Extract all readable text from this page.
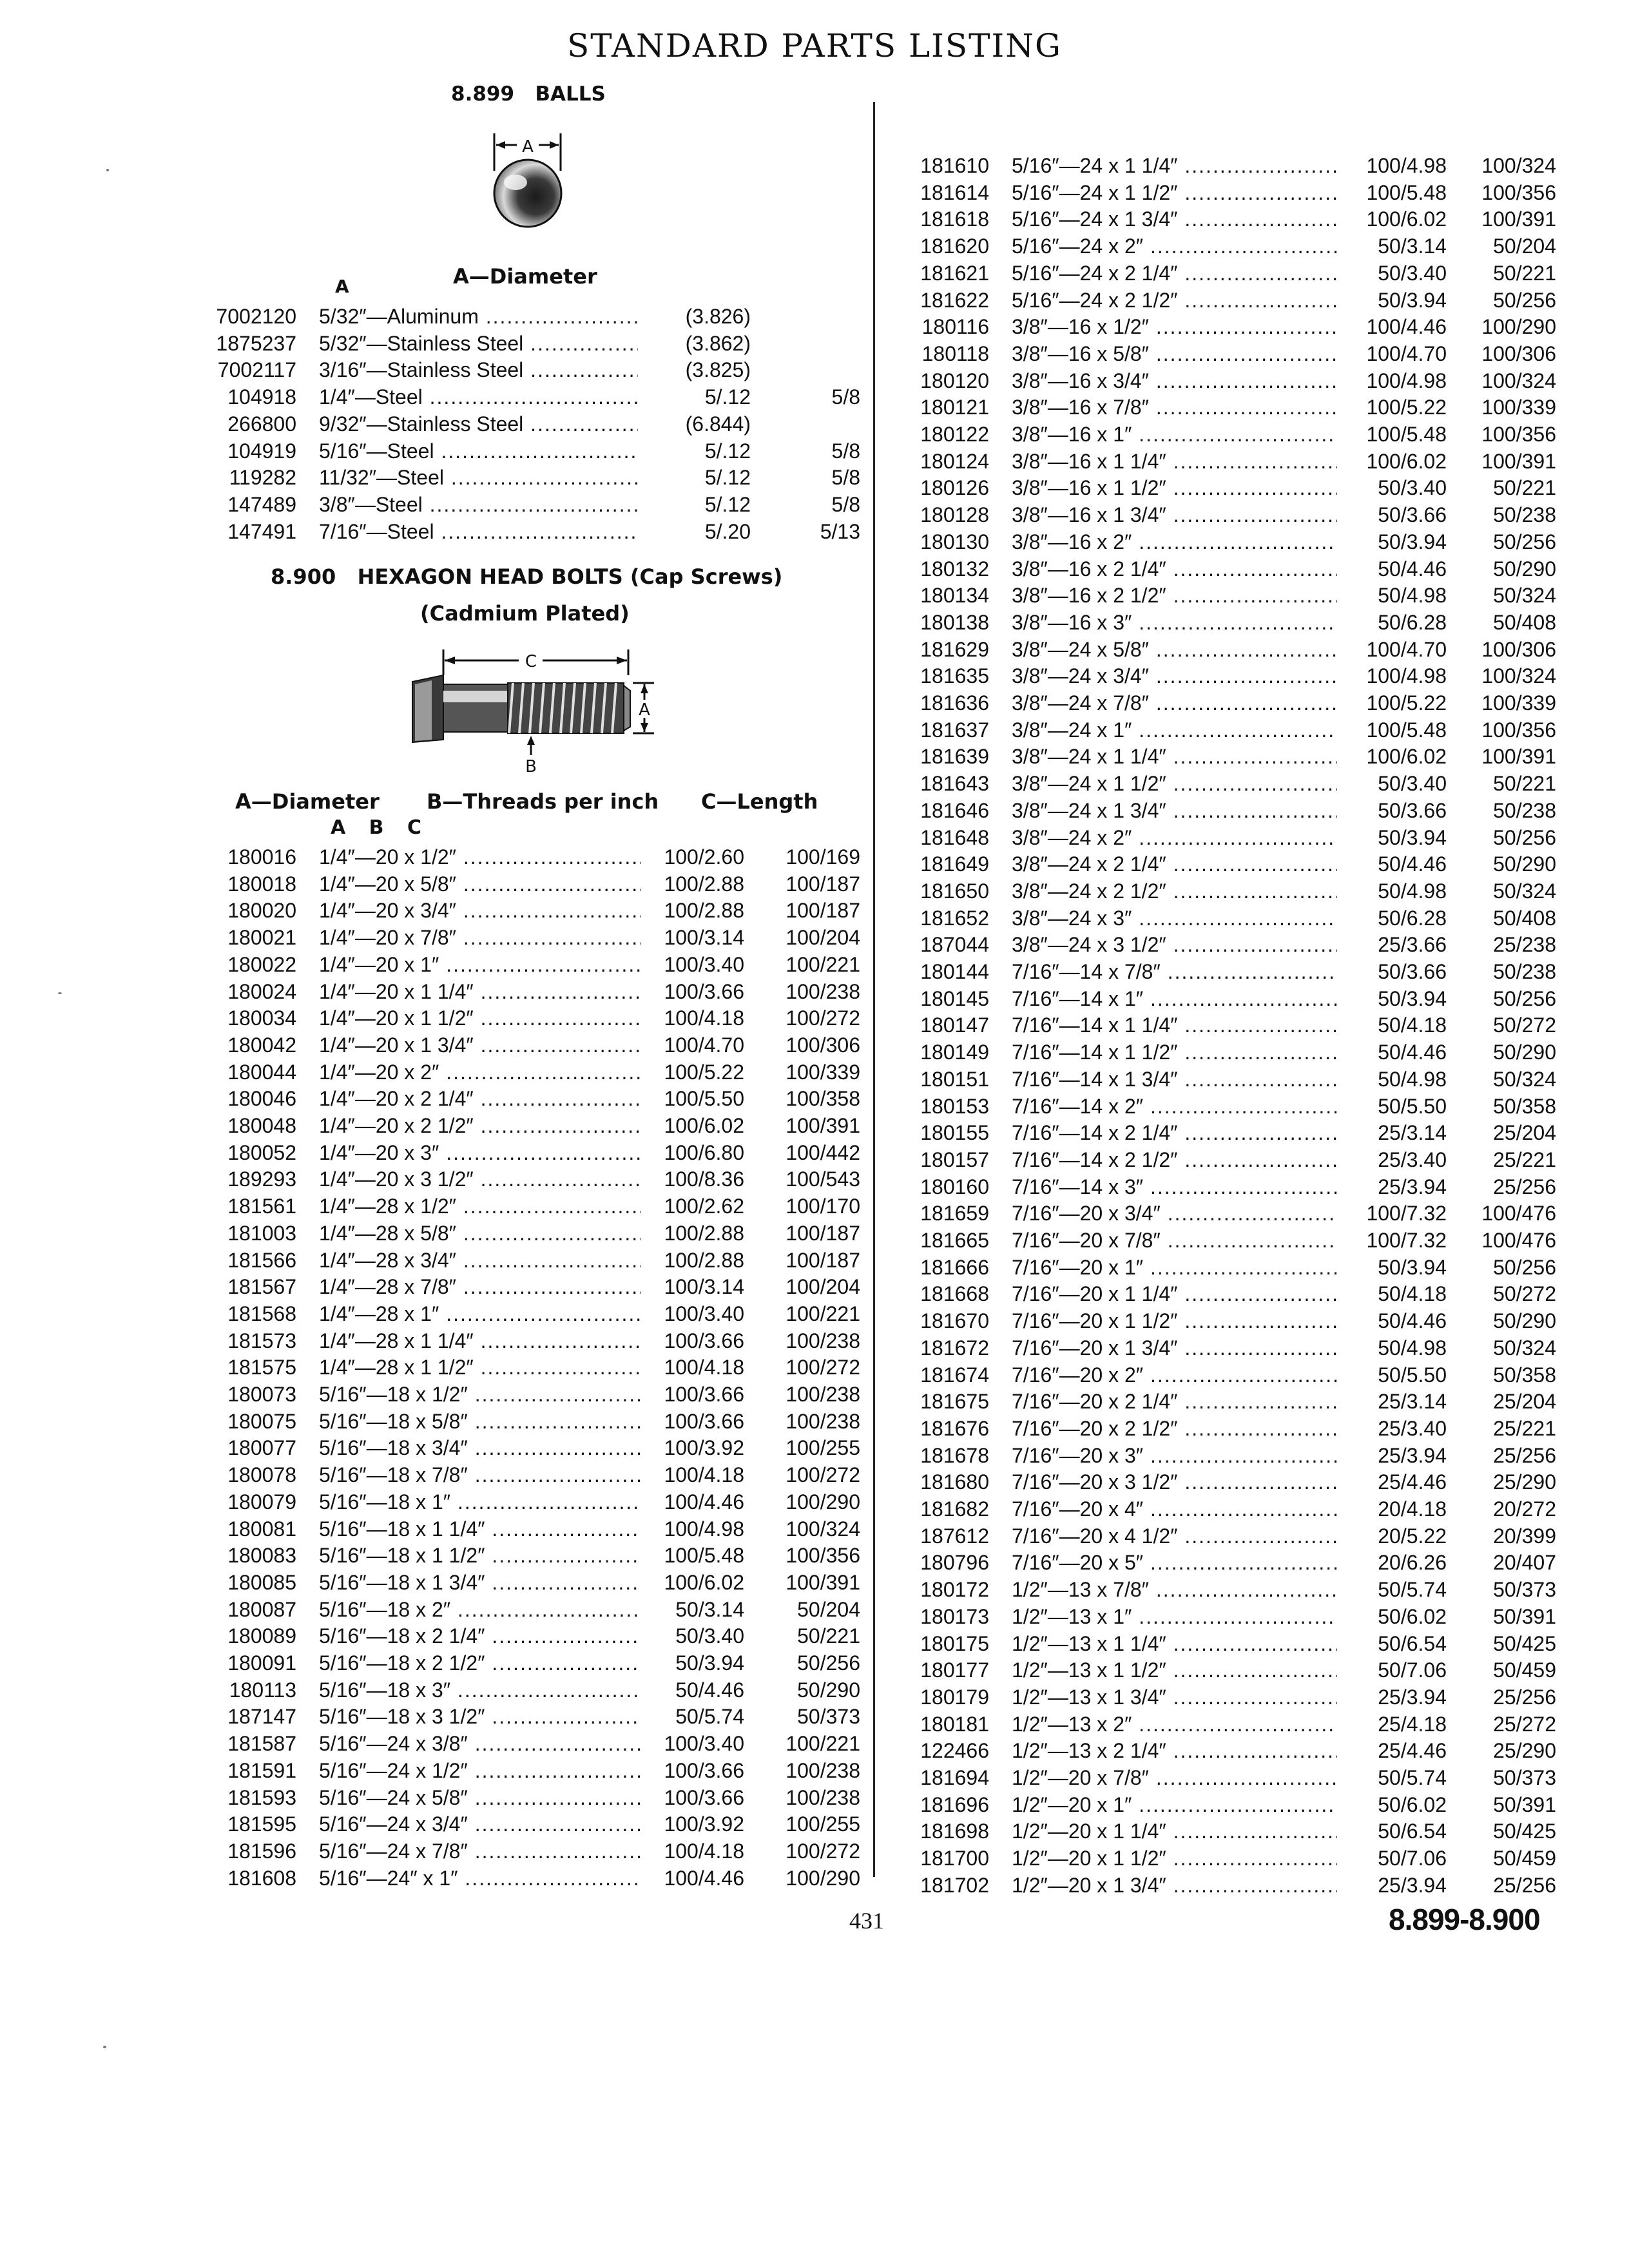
STANDARD PARTS LISTING
8.899   BALLS
A
A—Diameter
A
7002120 5/32″—Aluminum .....	(3.826)
1875237 5/32″—Stainless Steel .....	(3.862)
7002117 3/16″—Stainless Steel .....	(3.825)
104918 1/4″—Steel .....	5/.12	5/8
266800 9/32″—Stainless Steel .....	(6.844)
104919 5/16″—Steel .....	5/.12	5/8
119282 11/32″—Steel .....	5/.12	5/8
147489 3/8″—Steel .....	5/.12	5/8
147491 7/16″—Steel .....	5/.20	5/13
8.900   HEXAGON HEAD BOLTS (Cap Screws)
(Cadmium Plated)
C
A
B
A—Diameter B—Threads per inch C—Length
A B C
180016 1/4″—20 x 1/2″ .....	100/2.60	100/169
180018 1/4″—20 x 5/8″ .....	100/2.88	100/187
180020 1/4″—20 x 3/4″ .....	100/2.88	100/187
180021 1/4″—20 x 7/8″ .....	100/3.14	100/204
180022 1/4″—20 x 1″ .....	100/3.40	100/221
180024 1/4″—20 x 1 1/4″ .....	100/3.66	100/238
180034 1/4″—20 x 1 1/2″ .....	100/4.18	100/272
180042 1/4″—20 x 1 3/4″ .....	100/4.70	100/306
180044 1/4″—20 x 2″ .....	100/5.22	100/339
180046 1/4″—20 x 2 1/4″ .....	100/5.50	100/358
180048 1/4″—20 x 2 1/2″ .....	100/6.02	100/391
180052 1/4″—20 x 3″ .....	100/6.80	100/442
189293 1/4″—20 x 3 1/2″ .....	100/8.36	100/543
181561 1/4″—28 x 1/2″ .....	100/2.62	100/170
181003 1/4″—28 x 5/8″ .....	100/2.88	100/187
181566 1/4″—28 x 3/4″ .....	100/2.88	100/187
181567 1/4″—28 x 7/8″ .....	100/3.14	100/204
181568 1/4″—28 x 1″ .....	100/3.40	100/221
181573 1/4″—28 x 1 1/4″ .....	100/3.66	100/238
181575 1/4″—28 x 1 1/2″ .....	100/4.18	100/272
180073 5/16″—18 x 1/2″ .....	100/3.66	100/238
180075 5/16″—18 x 5/8″ .....	100/3.66	100/238
180077 5/16″—18 x 3/4″ .....	100/3.92	100/255
180078 5/16″—18 x 7/8″ .....	100/4.18	100/272
180079 5/16″—18 x 1″ .....	100/4.46	100/290
180081 5/16″—18 x 1 1/4″ .....	100/4.98	100/324
180083 5/16″—18 x 1 1/2″ .....	100/5.48	100/356
180085 5/16″—18 x 1 3/4″ .....	100/6.02	100/391
180087 5/16″—18 x 2″ .....	50/3.14	50/204
180089 5/16″—18 x 2 1/4″ .....	50/3.40	50/221
180091 5/16″—18 x 2 1/2″ .....	50/3.94	50/256
180113 5/16″—18 x 3″ .....	50/4.46	50/290
187147 5/16″—18 x 3 1/2″ .....	50/5.74	50/373
181587 5/16″—24 x 3/8″ .....	100/3.40	100/221
181591 5/16″—24 x 1/2″ .....	100/3.66	100/238
181593 5/16″—24 x 5/8″ .....	100/3.66	100/238
181595 5/16″—24 x 3/4″ .....	100/3.92	100/255
181596 5/16″—24 x 7/8″ .....	100/4.18	100/272
181608 5/16″—24″ x 1″ .....	100/4.46	100/290
181610 5/16″—24 x 1 1/4″ .....	100/4.98	100/324
181614 5/16″—24 x 1 1/2″ .....	100/5.48	100/356
181618 5/16″—24 x 1 3/4″ .....	100/6.02	100/391
181620 5/16″—24 x 2″ .....	50/3.14	50/204
181621 5/16″—24 x 2 1/4″ .....	50/3.40	50/221
181622 5/16″—24 x 2 1/2″ .....	50/3.94	50/256
180116 3/8″—16 x 1/2″ .....	100/4.46	100/290
180118 3/8″—16 x 5/8″ .....	100/4.70	100/306
180120 3/8″—16 x 3/4″ .....	100/4.98	100/324
180121 3/8″—16 x 7/8″ .....	100/5.22	100/339
180122 3/8″—16 x 1″ .....	100/5.48	100/356
180124 3/8″—16 x 1 1/4″ .....	100/6.02	100/391
180126 3/8″—16 x 1 1/2″ .....	50/3.40	50/221
180128 3/8″—16 x 1 3/4″ .....	50/3.66	50/238
180130 3/8″—16 x 2″ .....	50/3.94	50/256
180132 3/8″—16 x 2 1/4″ .....	50/4.46	50/290
180134 3/8″—16 x 2 1/2″ .....	50/4.98	50/324
180138 3/8″—16 x 3″ .....	50/6.28	50/408
181629 3/8″—24 x 5/8″ .....	100/4.70	100/306
181635 3/8″—24 x 3/4″ .....	100/4.98	100/324
181636 3/8″—24 x 7/8″ .....	100/5.22	100/339
181637 3/8″—24 x 1″ .....	100/5.48	100/356
181639 3/8″—24 x 1 1/4″ .....	100/6.02	100/391
181643 3/8″—24 x 1 1/2″ .....	50/3.40	50/221
181646 3/8″—24 x 1 3/4″ .....	50/3.66	50/238
181648 3/8″—24 x 2″ .....	50/3.94	50/256
181649 3/8″—24 x 2 1/4″ .....	50/4.46	50/290
181650 3/8″—24 x 2 1/2″ .....	50/4.98	50/324
181652 3/8″—24 x 3″ .....	50/6.28	50/408
187044 3/8″—24 x 3 1/2″ .....	25/3.66	25/238
180144 7/16″—14 x 7/8″ .....	50/3.66	50/238
180145 7/16″—14 x 1″ .....	50/3.94	50/256
180147 7/16″—14 x 1 1/4″ .....	50/4.18	50/272
180149 7/16″—14 x 1 1/2″ .....	50/4.46	50/290
180151 7/16″—14 x 1 3/4″ .....	50/4.98	50/324
180153 7/16″—14 x 2″ .....	50/5.50	50/358
180155 7/16″—14 x 2 1/4″ .....	25/3.14	25/204
180157 7/16″—14 x 2 1/2″ .....	25/3.40	25/221
180160 7/16″—14 x 3″ .....	25/3.94	25/256
181659 7/16″—20 x 3/4″ .....	100/7.32	100/476
181665 7/16″—20 x 7/8″ .....	100/7.32	100/476
181666 7/16″—20 x 1″ .....	50/3.94	50/256
181668 7/16″—20 x 1 1/4″ .....	50/4.18	50/272
181670 7/16″—20 x 1 1/2″ .....	50/4.46	50/290
181672 7/16″—20 x 1 3/4″ .....	50/4.98	50/324
181674 7/16″—20 x 2″ .....	50/5.50	50/358
181675 7/16″—20 x 2 1/4″ .....	25/3.14	25/204
181676 7/16″—20 x 2 1/2″ .....	25/3.40	25/221
181678 7/16″—20 x 3″ .....	25/3.94	25/256
181680 7/16″—20 x 3 1/2″ .....	25/4.46	25/290
181682 7/16″—20 x 4″ .....	20/4.18	20/272
187612 7/16″—20 x 4 1/2″ .....	20/5.22	20/399
180796 7/16″—20 x 5″ .....	20/6.26	20/407
180172 1/2″—13 x 7/8″ .....	50/5.74	50/373
180173 1/2″—13 x 1″ .....	50/6.02	50/391
180175 1/2″—13 x 1 1/4″ .....	50/6.54	50/425
180177 1/2″—13 x 1 1/2″ .....	50/7.06	50/459
180179 1/2″—13 x 1 3/4″ .....	25/3.94	25/256
180181 1/2″—13 x 2″ .....	25/4.18	25/272
122466 1/2″—13 x 2 1/4″ .....	25/4.46	25/290
181694 1/2″—20 x 7/8″ .....	50/5.74	50/373
181696 1/2″—20 x 1″ .....	50/6.02	50/391
181698 1/2″—20 x 1 1/4″ .....	50/6.54	50/425
181700 1/2″—20 x 1 1/2″ .....	50/7.06	50/459
181702 1/2″—20 x 1 3/4″ .....	25/3.94	25/256
431	8.899-8.900
